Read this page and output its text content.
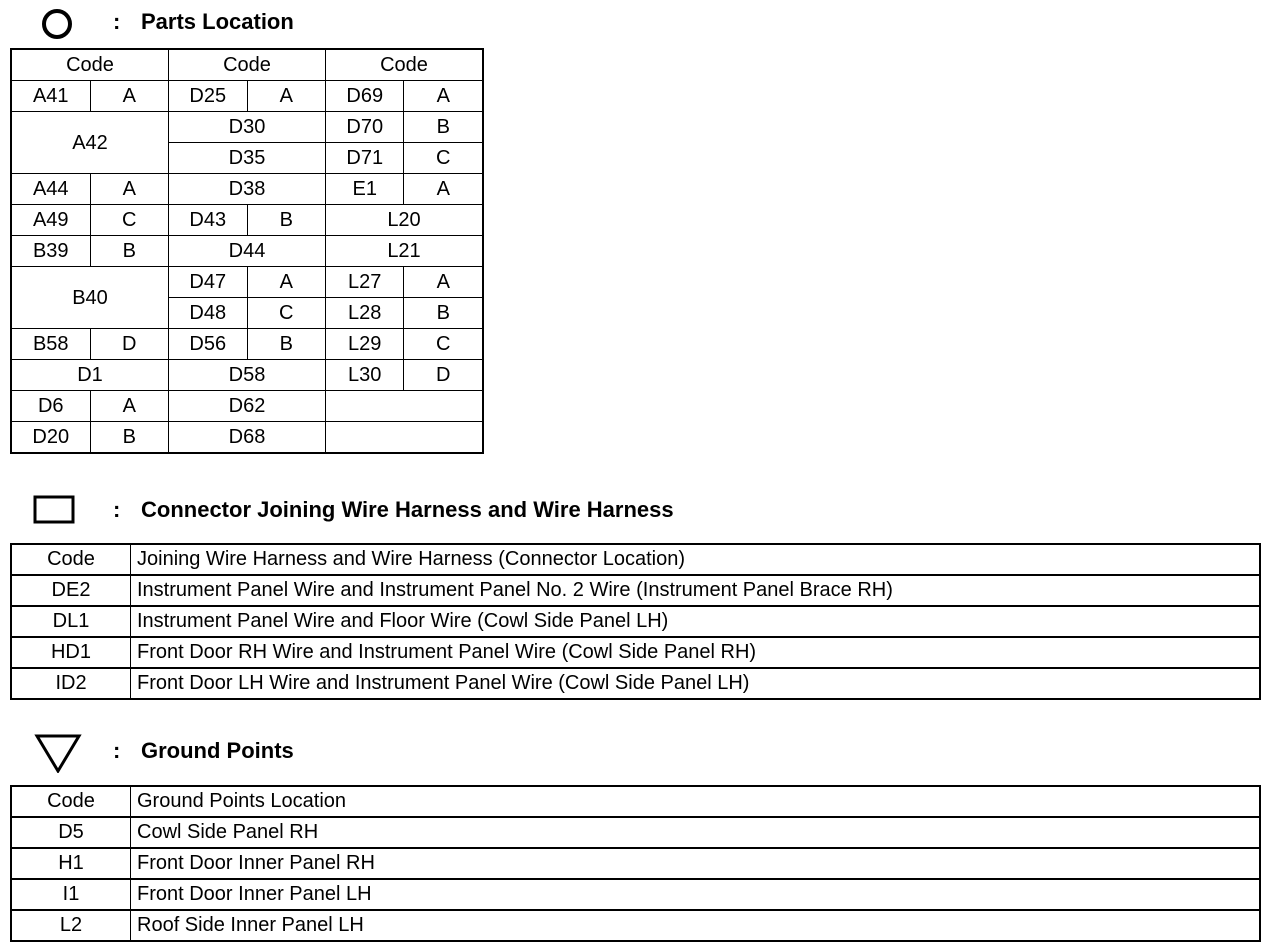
: Parts Location
Code		Code		Code	
A41	A	D25	A	D69	A
A42		D30		D70	B
		D35		D71	C
A44	A	D38		E1	A
A49	C	D43	B	L20	
B39	B	D44		L21	
B40		D47	A	L27	A
		D48	C	L28	B
B58	D	D56	B	L29	C
D1		D58		L30	D
D6	A	D62			
D20	B	D68			
: Connector Joining Wire Harness and Wire Harness
Code	Joining Wire Harness and Wire Harness (Connector Location)
DE2	Instrument Panel Wire and Instrument Panel No. 2 Wire (Instrument Panel Brace RH)
DL1	Instrument Panel Wire and Floor Wire (Cowl Side Panel LH)
HD1	Front Door RH Wire and Instrument Panel Wire (Cowl Side Panel RH)
ID2	Front Door LH Wire and Instrument Panel Wire (Cowl Side Panel LH)
: Ground Points
Code	Ground Points Location
D5	Cowl Side Panel RH
H1	Front Door Inner Panel RH
I1	Front Door Inner Panel LH
L2	Roof Side Inner Panel LH
